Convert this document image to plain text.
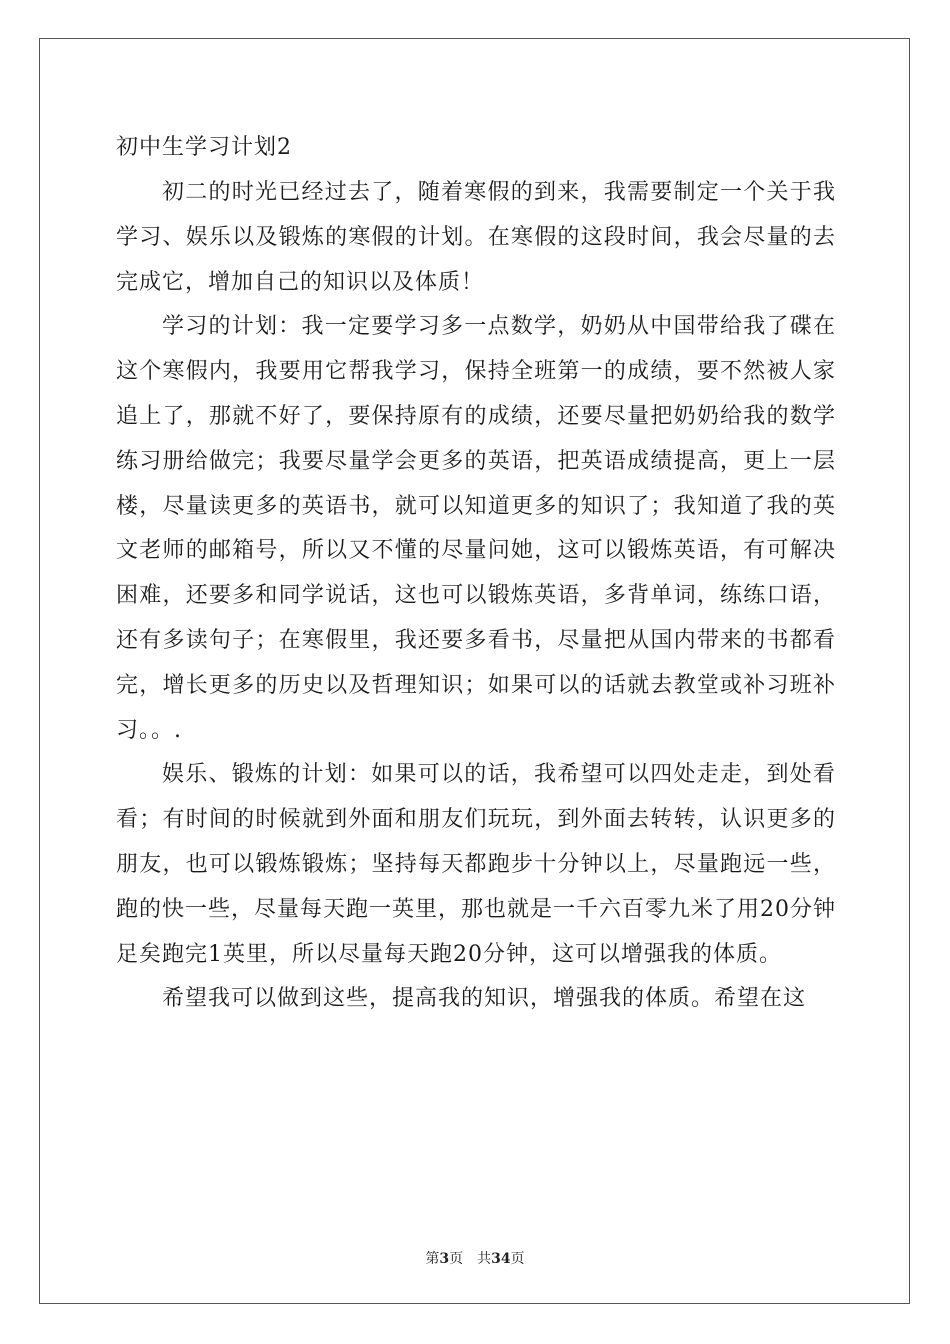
初中生学习计划2

初二的时光已经过去了，随着寒假的到来，我需要制定一个关于我学习、娱乐以及锻炼的寒假的计划。在寒假的这段时间，我会尽量的去完成它，增加自己的知识以及体质！

学习的计划：我一定要学习多一点数学，奶奶从中国带给我了碟在这个寒假内，我要用它帮我学习，保持全班第一的成绩，要不然被人家追上了，那就不好了，要保持原有的成绩，还要尽量把奶奶给我的数学练习册给做完；我要尽量学会更多的英语，把英语成绩提高，更上一层楼，尽量读更多的英语书，就可以知道更多的知识了；我知道了我的英文老师的邮箱号，所以又不懂的尽量问她，这可以锻炼英语，有可解决困难，还要多和同学说话，这也可以锻炼英语，多背单词，练练口语，还有多读句子；在寒假里，我还要多看书，尽量把从国内带来的书都看完，增长更多的历史以及哲理知识；如果可以的话就去教堂或补习班补习。。.

娱乐、锻炼的计划：如果可以的话，我希望可以四处走走，到处看看；有时间的时候就到外面和朋友们玩玩，到外面去转转，认识更多的朋友，也可以锻炼锻炼；坚持每天都跑步十分钟以上，尽量跑远一些，跑的快一些，尽量每天跑一英里，那也就是一千六百零九米了用20分钟足矣跑完1英里，所以尽量每天跑20分钟，这可以增强我的体质。

希望我可以做到这些，提高我的知识，增强我的体质。希望在这

第3页　共34页
